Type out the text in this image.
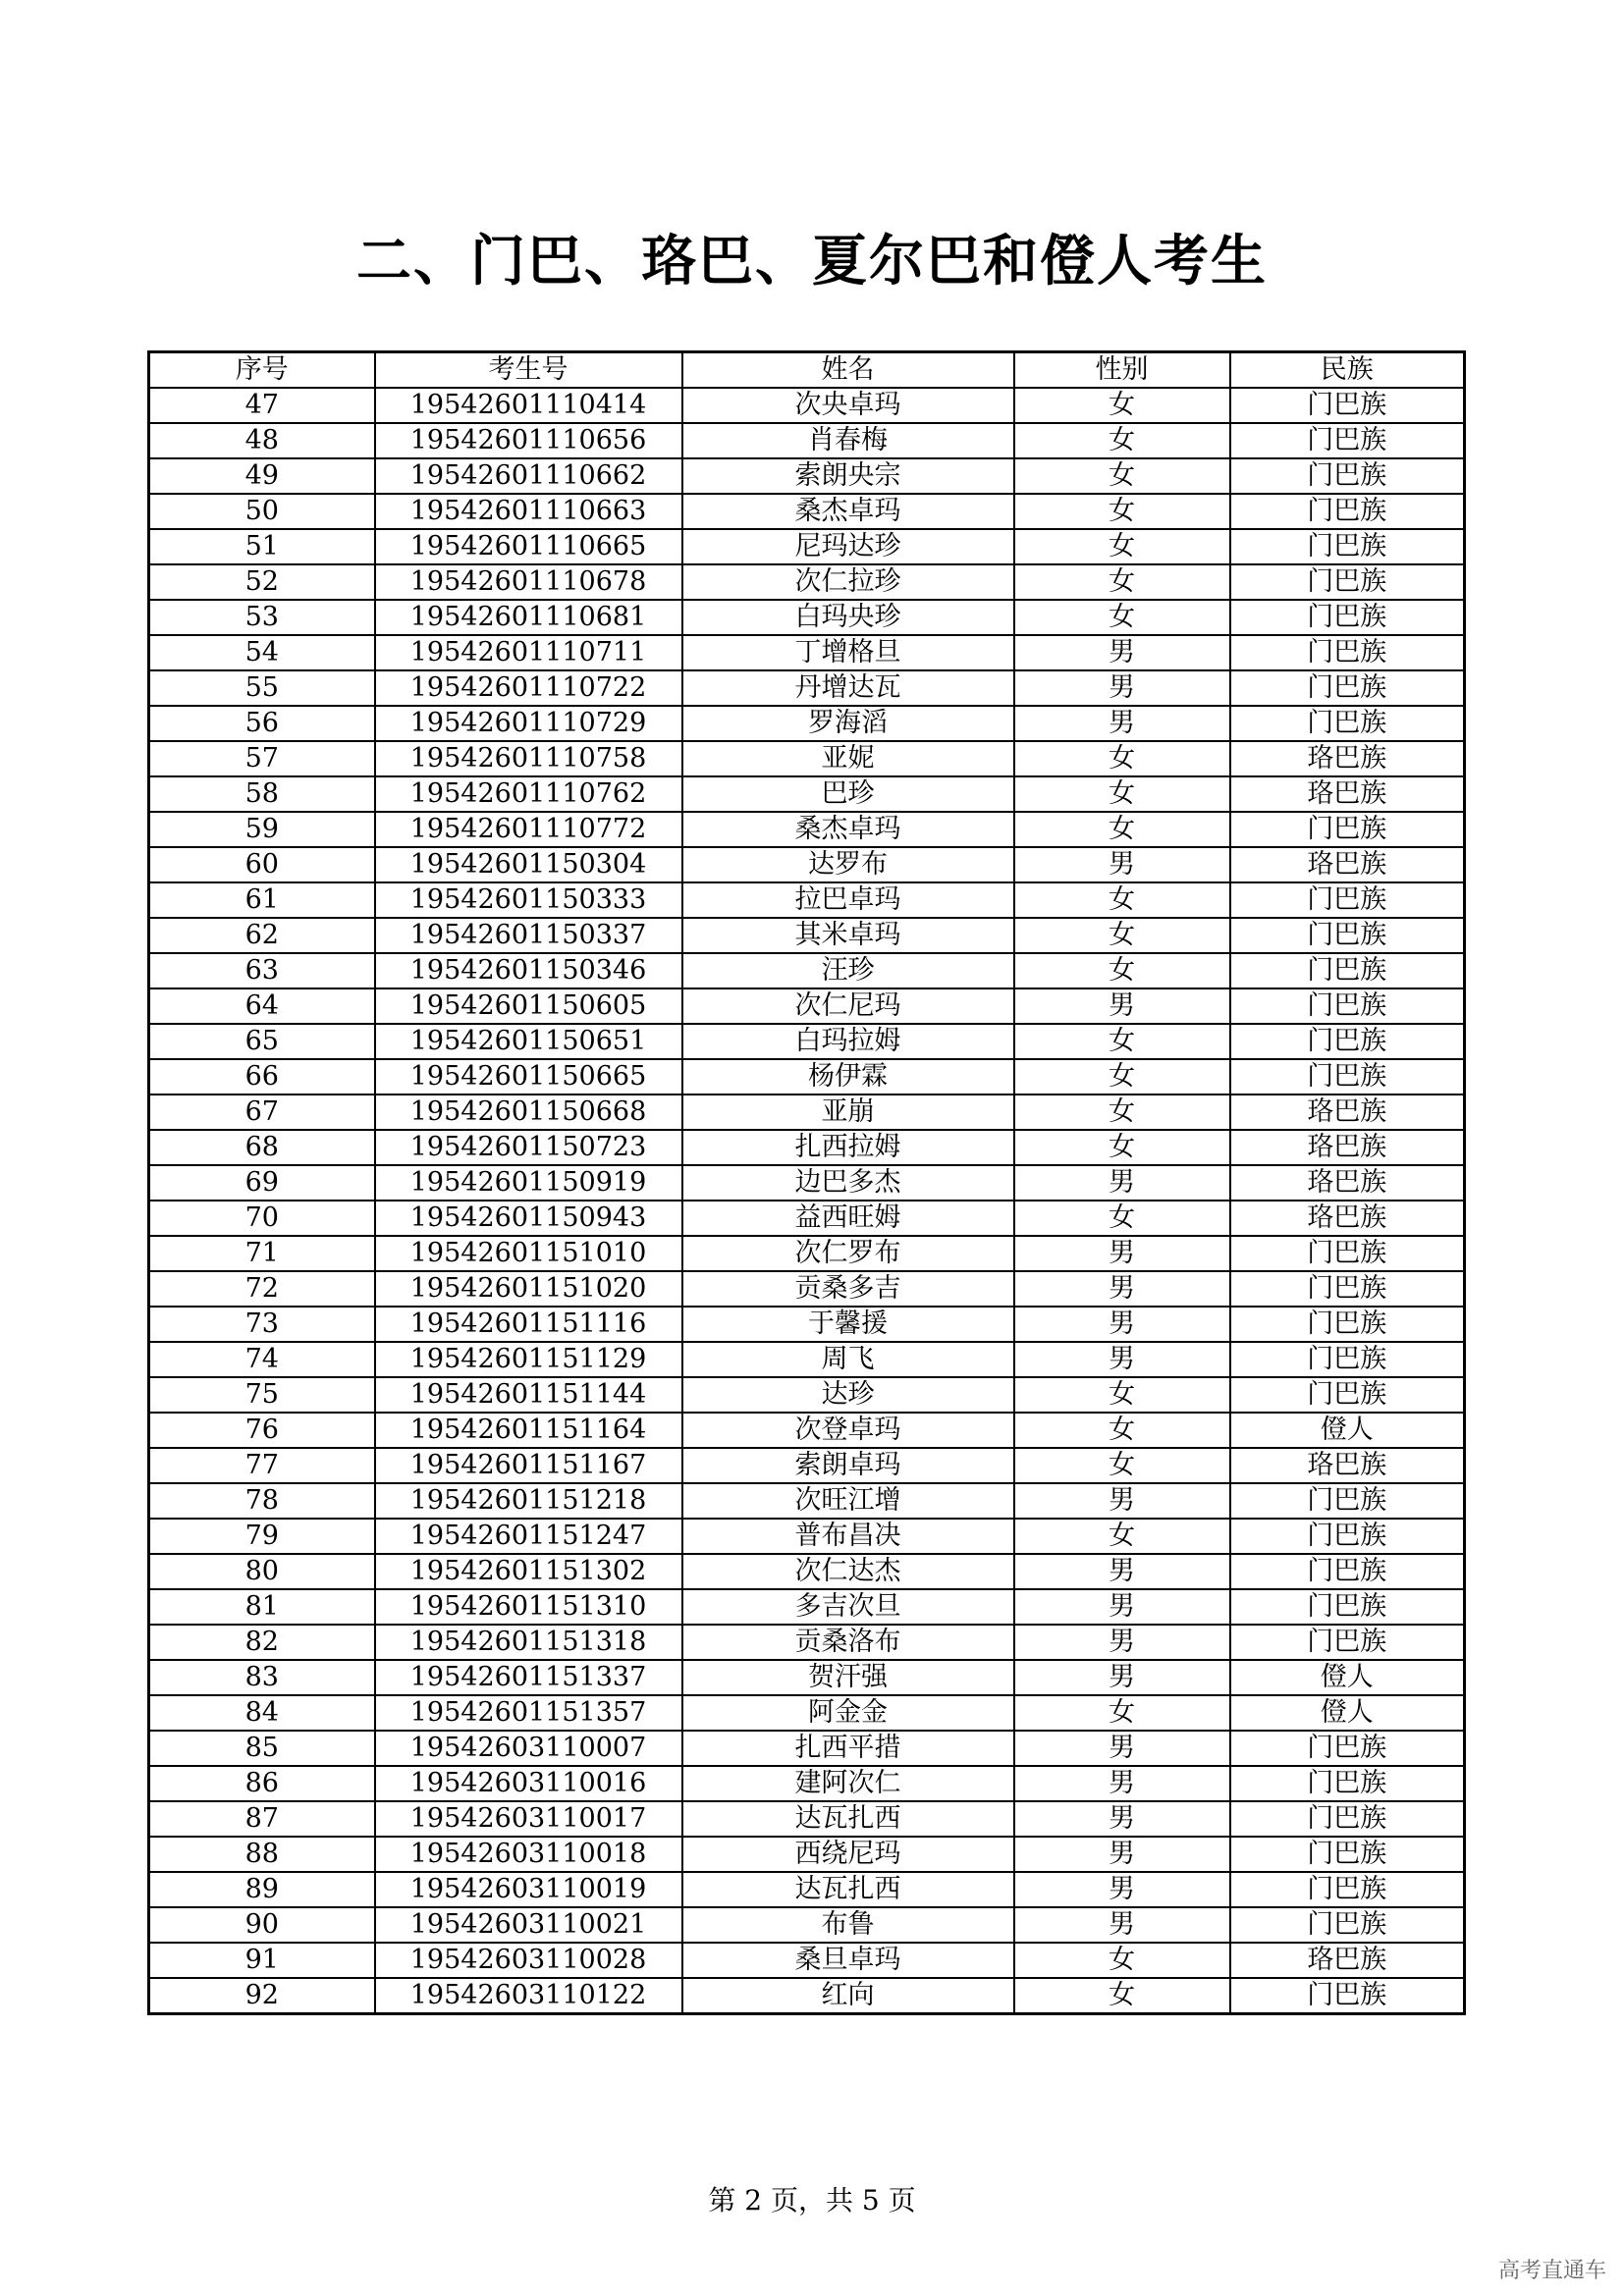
二、门巴、珞巴、夏尔巴和僜人考生
序号	考生号	姓名	性别	民族
47	19542601110414	次央卓玛	女	门巴族
48	19542601110656	肖春梅	女	门巴族
49	19542601110662	索朗央宗	女	门巴族
50	19542601110663	桑杰卓玛	女	门巴族
51	19542601110665	尼玛达珍	女	门巴族
52	19542601110678	次仁拉珍	女	门巴族
53	19542601110681	白玛央珍	女	门巴族
54	19542601110711	丁增格旦	男	门巴族
55	19542601110722	丹增达瓦	男	门巴族
56	19542601110729	罗海滔	男	门巴族
57	19542601110758	亚妮	女	珞巴族
58	19542601110762	巴珍	女	珞巴族
59	19542601110772	桑杰卓玛	女	门巴族
60	19542601150304	达罗布	男	珞巴族
61	19542601150333	拉巴卓玛	女	门巴族
62	19542601150337	其米卓玛	女	门巴族
63	19542601150346	汪珍	女	门巴族
64	19542601150605	次仁尼玛	男	门巴族
65	19542601150651	白玛拉姆	女	门巴族
66	19542601150665	杨伊霖	女	门巴族
67	19542601150668	亚崩	女	珞巴族
68	19542601150723	扎西拉姆	女	珞巴族
69	19542601150919	边巴多杰	男	珞巴族
70	19542601150943	益西旺姆	女	珞巴族
71	19542601151010	次仁罗布	男	门巴族
72	19542601151020	贡桑多吉	男	门巴族
73	19542601151116	于馨援	男	门巴族
74	19542601151129	周飞	男	门巴族
75	19542601151144	达珍	女	门巴族
76	19542601151164	次登卓玛	女	僜人
77	19542601151167	索朗卓玛	女	珞巴族
78	19542601151218	次旺江增	男	门巴族
79	19542601151247	普布昌决	女	门巴族
80	19542601151302	次仁达杰	男	门巴族
81	19542601151310	多吉次旦	男	门巴族
82	19542601151318	贡桑洛布	男	门巴族
83	19542601151337	贺汗强	男	僜人
84	19542601151357	阿金金	女	僜人
85	19542603110007	扎西平措	男	门巴族
86	19542603110016	建阿次仁	男	门巴族
87	19542603110017	达瓦扎西	男	门巴族
88	19542603110018	西绕尼玛	男	门巴族
89	19542603110019	达瓦扎西	男	门巴族
90	19542603110021	布鲁	男	门巴族
91	19542603110028	桑旦卓玛	女	珞巴族
92	19542603110122	红向	女	门巴族
第 2 页，共 5 页
高考直通车
